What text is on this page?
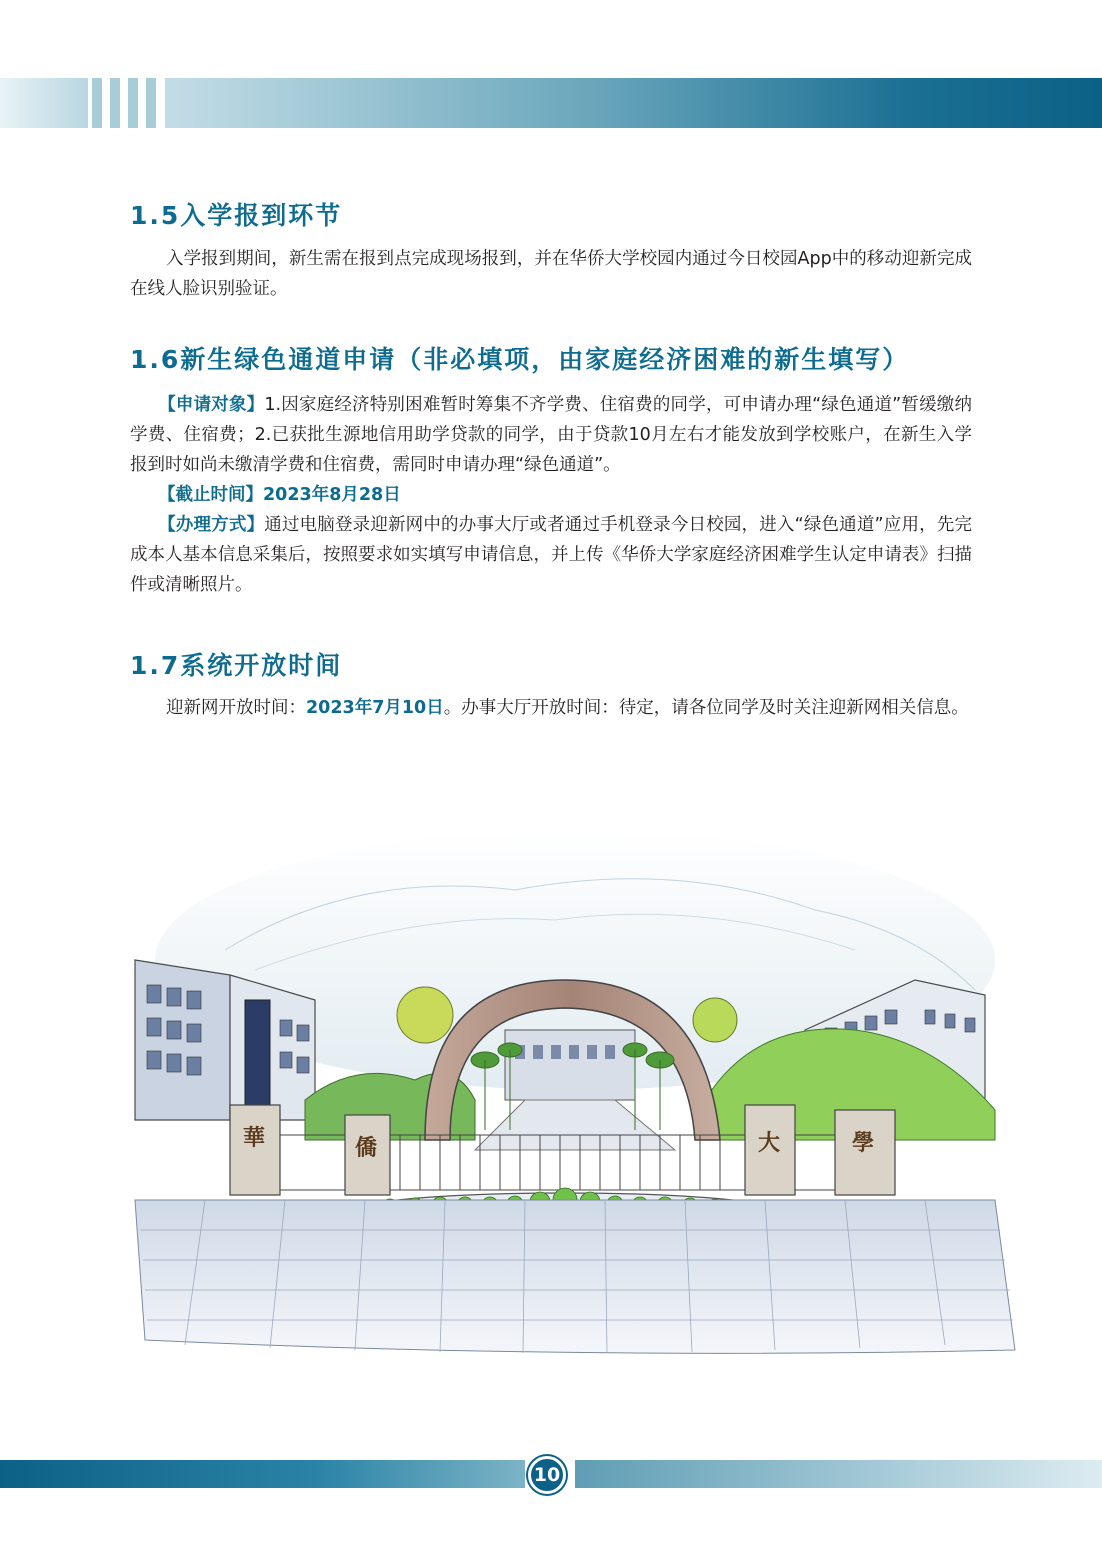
1.5入学报到环节

入学报到期间，新生需在报到点完成现场报到，并在华侨大学校园内通过今日校园App中的移动迎新完成在线人脸识别验证。

1.6新生绿色通道申请（非必填项，由家庭经济困难的新生填写）

【申请对象】1.因家庭经济特别困难暂时筹集不齐学费、住宿费的同学，可申请办理“绿色通道”暂缓缴纳学费、住宿费；2.已获批生源地信用助学贷款的同学，由于贷款10月左右才能发放到学校账户，在新生入学报到时如尚未缴清学费和住宿费，需同时申请办理“绿色通道”。

【截止时间】2023年8月28日

【办理方式】通过电脑登录迎新网中的办事大厅或者通过手机登录今日校园，进入“绿色通道”应用，先完成本人基本信息采集后，按照要求如实填写申请信息，并上传《华侨大学家庭经济困难学生认定申请表》扫描件或清晰照片。

1.7系统开放时间

迎新网开放时间：2023年7月10日。办事大厅开放时间：待定，请各位同学及时关注迎新网相关信息。

華	僑	大	學
10
